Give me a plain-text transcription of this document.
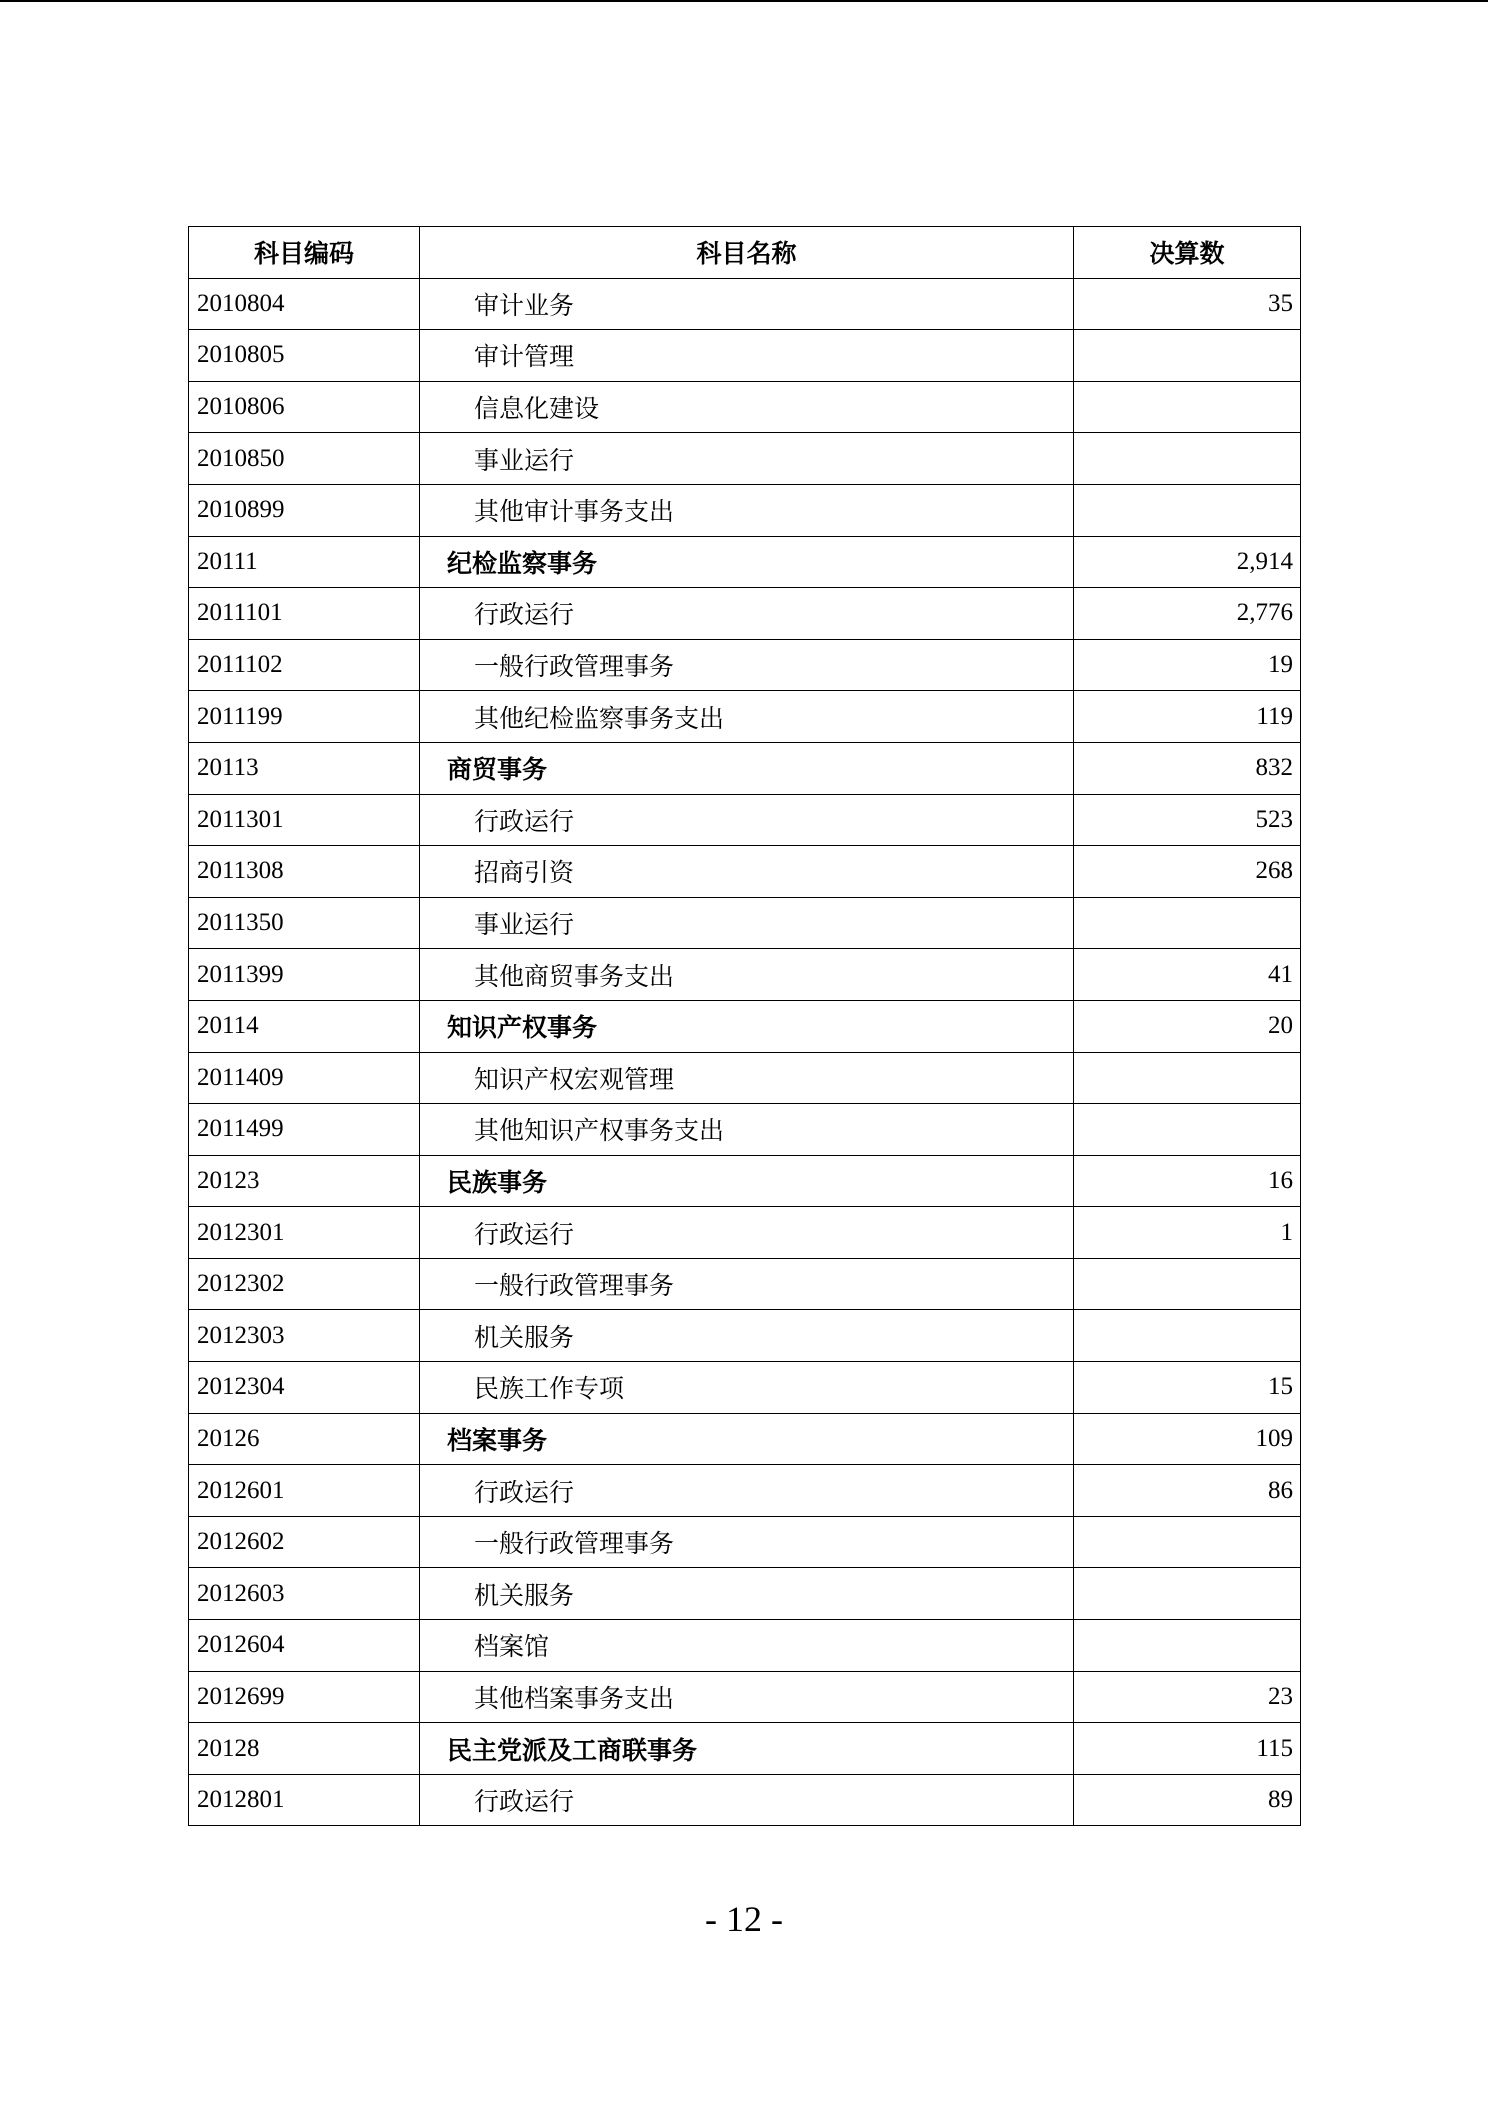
科目编码	科目名称	决算数
2010804	审计业务	35
2010805	审计管理	
2010806	信息化建设	
2010850	事业运行	
2010899	其他审计事务支出	
20111	纪检监察事务	2,914
2011101	行政运行	2,776
2011102	一般行政管理事务	19
2011199	其他纪检监察事务支出	119
20113	商贸事务	832
2011301	行政运行	523
2011308	招商引资	268
2011350	事业运行	
2011399	其他商贸事务支出	41
20114	知识产权事务	20
2011409	知识产权宏观管理	
2011499	其他知识产权事务支出	
20123	民族事务	16
2012301	行政运行	1
2012302	一般行政管理事务	
2012303	机关服务	
2012304	民族工作专项	15
20126	档案事务	109
2012601	行政运行	86
2012602	一般行政管理事务	
2012603	机关服务	
2012604	档案馆	
2012699	其他档案事务支出	23
20128	民主党派及工商联事务	115
2012801	行政运行	89
- 12 -
